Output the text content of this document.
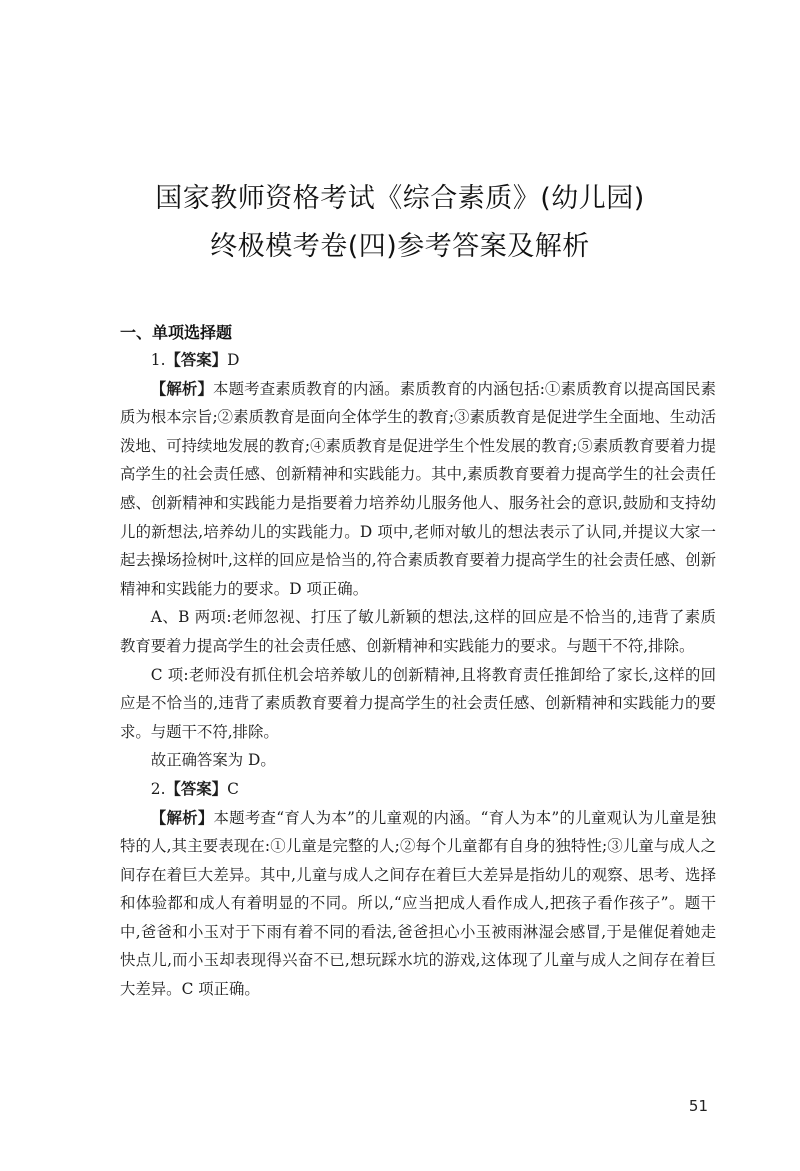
国家教师资格考试《综合素质》(幼儿园)
终极模考卷(四)参考答案及解析
一、单项选择题

1.【答案】D

【解析】本题考查素质教育的内涵。素质教育的内涵包括:①素质教育以提高国民素质为根本宗旨;②素质教育是面向全体学生的教育;③素质教育是促进学生全面地、生动活泼地、可持续地发展的教育;④素质教育是促进学生个性发展的教育;⑤素质教育要着力提高学生的社会责任感、创新精神和实践能力。其中,素质教育要着力提高学生的社会责任感、创新精神和实践能力是指要着力培养幼儿服务他人、服务社会的意识,鼓励和支持幼儿的新想法,培养幼儿的实践能力。D 项中,老师对敏儿的想法表示了认同,并提议大家一起去操场捡树叶,这样的回应是恰当的,符合素质教育要着力提高学生的社会责任感、创新精神和实践能力的要求。D 项正确。

A、B 两项:老师忽视、打压了敏儿新颖的想法,这样的回应是不恰当的,违背了素质教育要着力提高学生的社会责任感、创新精神和实践能力的要求。与题干不符,排除。

C 项:老师没有抓住机会培养敏儿的创新精神,且将教育责任推卸给了家长,这样的回应是不恰当的,违背了素质教育要着力提高学生的社会责任感、创新精神和实践能力的要求。与题干不符,排除。

故正确答案为 D。

2.【答案】C

【解析】本题考查“育人为本”的儿童观的内涵。“育人为本”的儿童观认为儿童是独特的人,其主要表现在:①儿童是完整的人;②每个儿童都有自身的独特性;③儿童与成人之间存在着巨大差异。其中,儿童与成人之间存在着巨大差异是指幼儿的观察、思考、选择和体验都和成人有着明显的不同。所以,“应当把成人看作成人,把孩子看作孩子”。题干中,爸爸和小玉对于下雨有着不同的看法,爸爸担心小玉被雨淋湿会感冒,于是催促着她走快点儿,而小玉却表现得兴奋不已,想玩踩水坑的游戏,这体现了儿童与成人之间存在着巨大差异。C 项正确。

51
